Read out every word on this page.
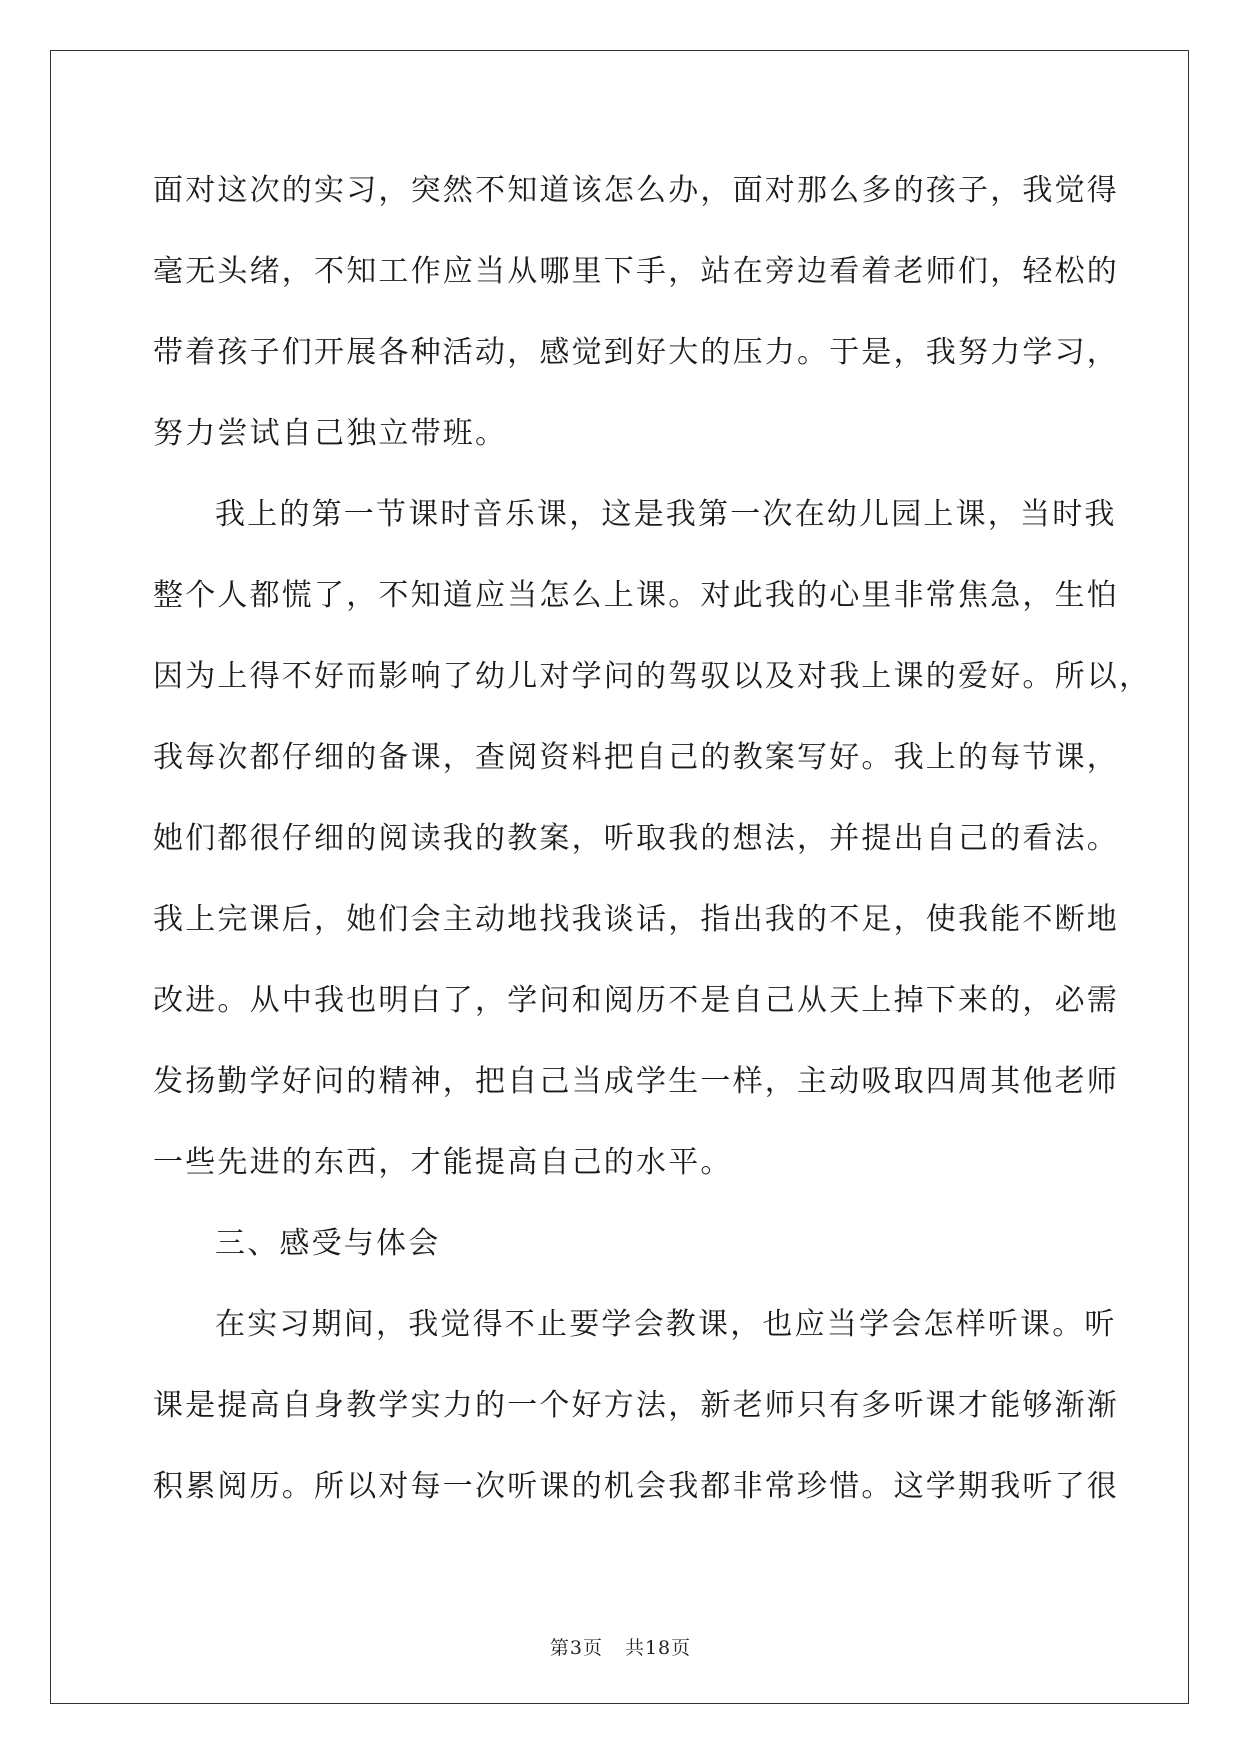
面对这次的实习，突然不知道该怎么办，面对那么多的孩子，我觉得
毫无头绪，不知工作应当从哪里下手，站在旁边看着老师们，轻松的
带着孩子们开展各种活动，感觉到好大的压力。于是，我努力学习，
努力尝试自己独立带班。
我上的第一节课时音乐课，这是我第一次在幼儿园上课，当时我
整个人都慌了，不知道应当怎么上课。对此我的心里非常焦急，生怕
因为上得不好而影响了幼儿对学问的驾驭以及对我上课的爱好。所以，
我每次都仔细的备课，查阅资料把自己的教案写好。我上的每节课，
她们都很仔细的阅读我的教案，听取我的想法，并提出自己的看法。
我上完课后，她们会主动地找我谈话，指出我的不足，使我能不断地
改进。从中我也明白了，学问和阅历不是自己从天上掉下来的，必需
发扬勤学好问的精神，把自己当成学生一样，主动吸取四周其他老师
一些先进的东西，才能提高自己的水平。
三、感受与体会
在实习期间，我觉得不止要学会教课，也应当学会怎样听课。听
课是提高自身教学实力的一个好方法，新老师只有多听课才能够渐渐
积累阅历。所以对每一次听课的机会我都非常珍惜。这学期我听了很
第3页 共18页
